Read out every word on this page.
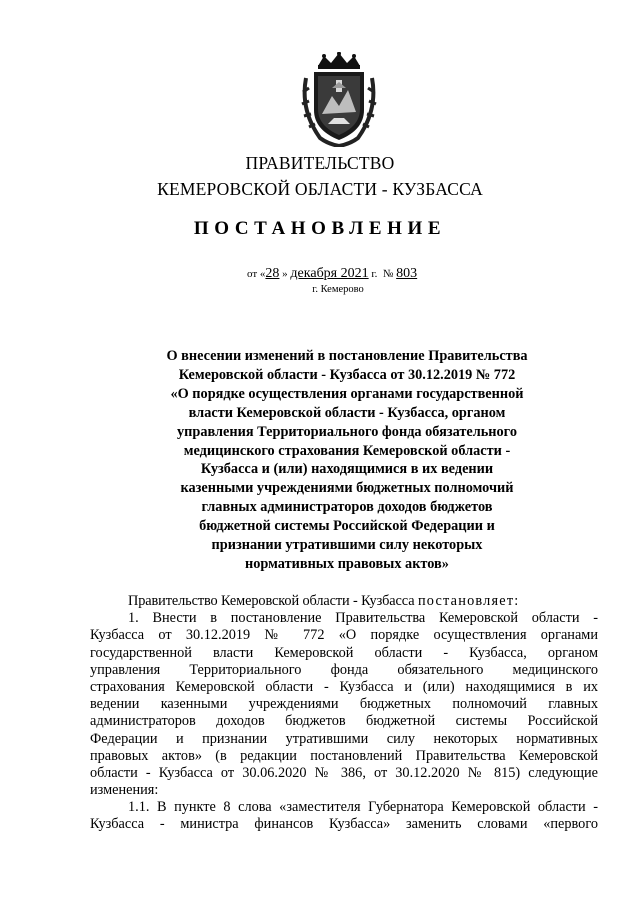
ПРАВИТЕЛЬСТВО
КЕМЕРОВСКОЙ ОБЛАСТИ - КУЗБАССА
ПОСТАНОВЛЕНИЕ
от «28 » декабря 2021 г. № 803
г. Кемерово
О внесении изменений в постановление Правительства
Кемеровской области - Кузбасса от 30.12.2019 № 772
«О порядке осуществления органами государственной
власти Кемеровской области - Кузбасса, органом
управления Территориального фонда обязательного
медицинского страхования Кемеровской области -
Кузбасса и (или) находящимися в их ведении
казенными учреждениями бюджетных полномочий
главных администраторов доходов бюджетов
бюджетной системы Российской Федерации и
признании утратившими силу некоторых
нормативных правовых актов»
Правительство Кемеровской области - Кузбасса постановляет:
1. Внести в постановление Правительства Кемеровской области -
Кузбасса от 30.12.2019 № 772 «О порядке осуществления органами
государственной власти Кемеровской области - Кузбасса, органом
управления Территориального фонда обязательного медицинского
страхования Кемеровской области - Кузбасса и (или) находящимися в их
ведении казенными учреждениями бюджетных полномочий главных
администраторов доходов бюджетов бюджетной системы Российской
Федерации и признании утратившими силу некоторых нормативных
правовых актов» (в редакции постановлений Правительства Кемеровской
области - Кузбасса от 30.06.2020 № 386, от 30.12.2020 № 815) следующие
изменения:
1.1. В пункте 8 слова «заместителя Губернатора Кемеровской области -
Кузбасса - министра финансов Кузбасса» заменить словами «первого
